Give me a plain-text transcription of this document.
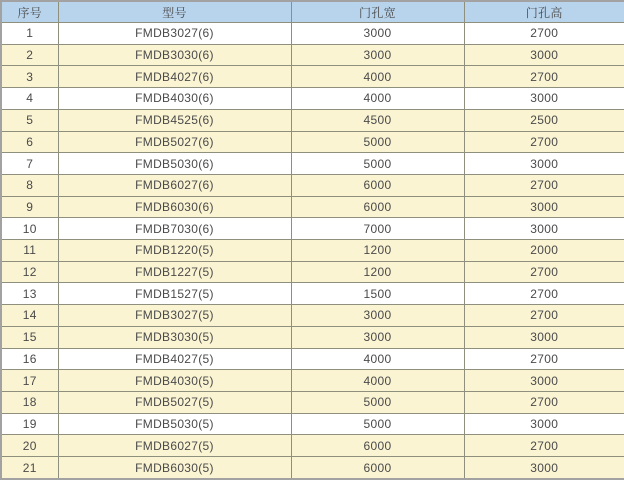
序号	型号	门孔宽	门孔高
1	FMDB3027(6)	3000	2700
2	FMDB3030(6)	3000	3000
3	FMDB4027(6)	4000	2700
4	FMDB4030(6)	4000	3000
5	FMDB4525(6)	4500	2500
6	FMDB5027(6)	5000	2700
7	FMDB5030(6)	5000	3000
8	FMDB6027(6)	6000	2700
9	FMDB6030(6)	6000	3000
10	FMDB7030(6)	7000	3000
11	FMDB1220(5)	1200	2000
12	FMDB1227(5)	1200	2700
13	FMDB1527(5)	1500	2700
14	FMDB3027(5)	3000	2700
15	FMDB3030(5)	3000	3000
16	FMDB4027(5)	4000	2700
17	FMDB4030(5)	4000	3000
18	FMDB5027(5)	5000	2700
19	FMDB5030(5)	5000	3000
20	FMDB6027(5)	6000	2700
21	FMDB6030(5)	6000	3000
